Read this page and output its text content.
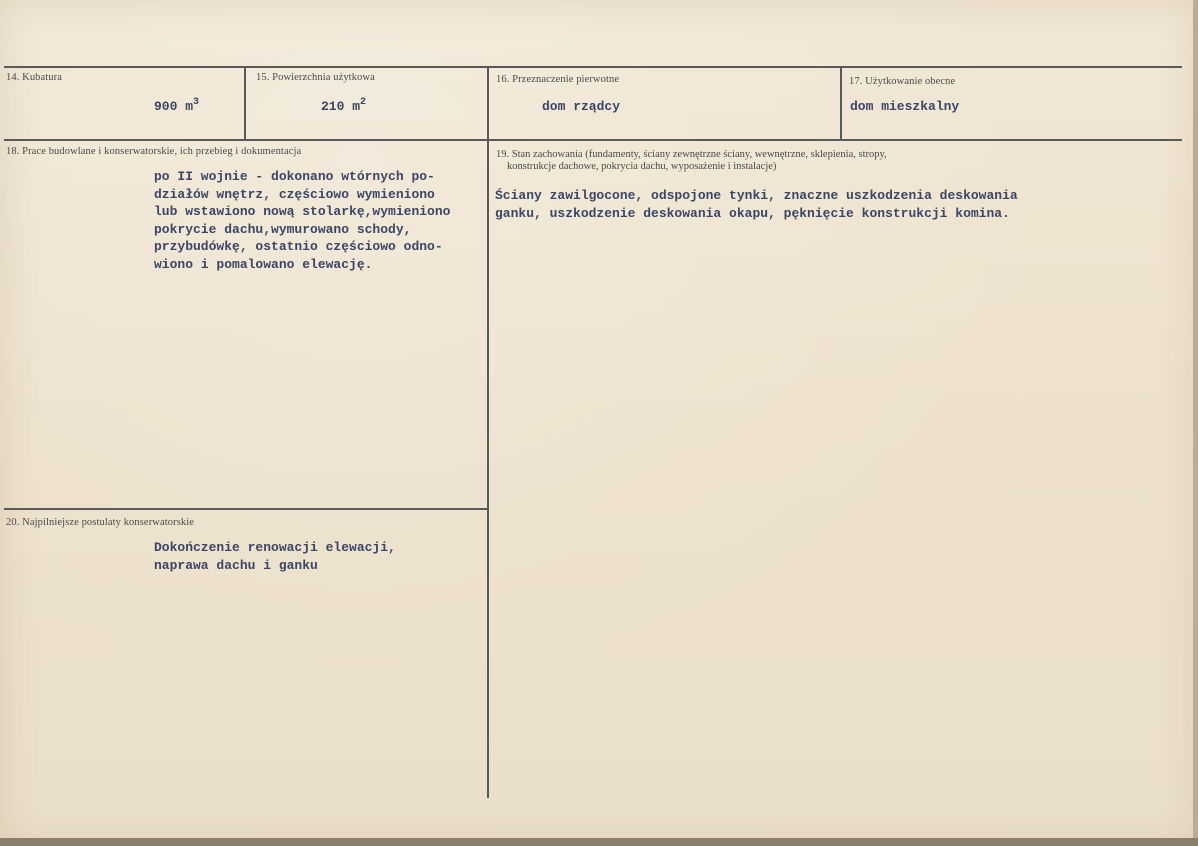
14. Kubatura
900 $m^3$
15. Powierzchnia użytkowa
210 $m^2$
16. Przeznaczenie pierwotne
dom rządcy
17. Użytkowanie obecne
dom mieszkalny
18. Prace budowlane i konserwatorskie, ich przebieg i dokumentacja
po II wojnie - dokonano wtórnych po-
działów wnętrz, częściowo wymieniono
lub wstawiono nową stolarkę,wymieniono
pokrycie dachu,wymurowano schody,
przybudówkę, ostatnio częściowo odno-
wiono i pomalowano elewację.
19. Stan zachowania (fundamenty, ściany zewnętrzne ściany, wewnętrzne, sklepienia, stropy,
konstrukcje dachowe, pokrycia dachu, wyposażenie i instalacje)
Ściany zawilgocone, odspojone tynki, znaczne uszkodzenia deskowania
ganku, uszkodzenie deskowania okapu, pęknięcie konstrukcji komina.
20. Najpilniejsze postulaty konserwatorskie
Dokończenie renowacji elewacji,
naprawa dachu i ganku
